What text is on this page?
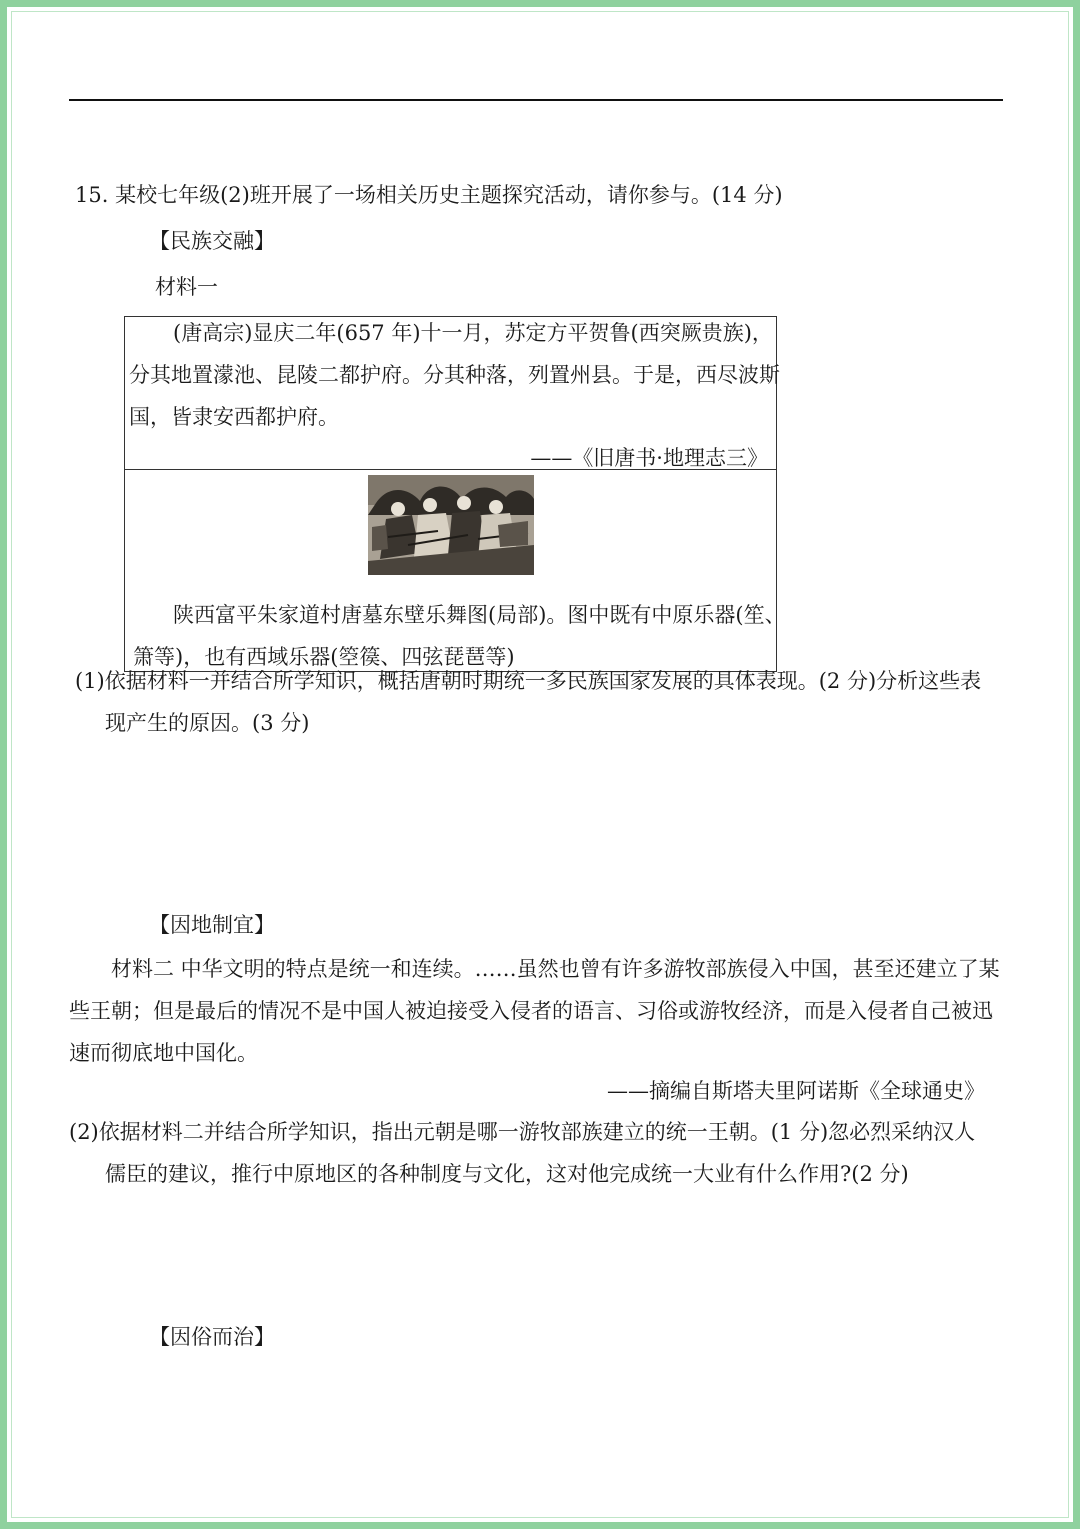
15. 某校七年级(2)班开展了一场相关历史主题探究活动，请你参与。(14 分)
【民族交融】
材料一
(唐高宗)显庆二年(657 年)十一月，苏定方平贺鲁(西突厥贵族)，
分其地置濛池、昆陵二都护府。分其种落，列置州县。于是，西尽波斯
国，皆隶安西都护府。
——《旧唐书·地理志三》
陕西富平朱家道村唐墓东壁乐舞图(局部)。图中既有中原乐器(笙、
箫等)，也有西域乐器(箜篌、四弦琵琶等)
(1)依据材料一并结合所学知识，概括唐朝时期统一多民族国家发展的具体表现。(2 分)分析这些表
现产生的原因。(3 分)
【因地制宜】
材料二 中华文明的特点是统一和连续。……虽然也曾有许多游牧部族侵入中国，甚至还建立了某些王朝；但是最后的情况不是中国人被迫接受入侵者的语言、习俗或游牧经济，而是入侵者自己被迅速而彻底地中国化。
——摘编自斯塔夫里阿诺斯《全球通史》
(2)依据材料二并结合所学知识，指出元朝是哪一游牧部族建立的统一王朝。(1 分)忽必烈采纳汉人
儒臣的建议，推行中原地区的各种制度与文化，这对他完成统一大业有什么作用?(2 分)
【因俗而治】
